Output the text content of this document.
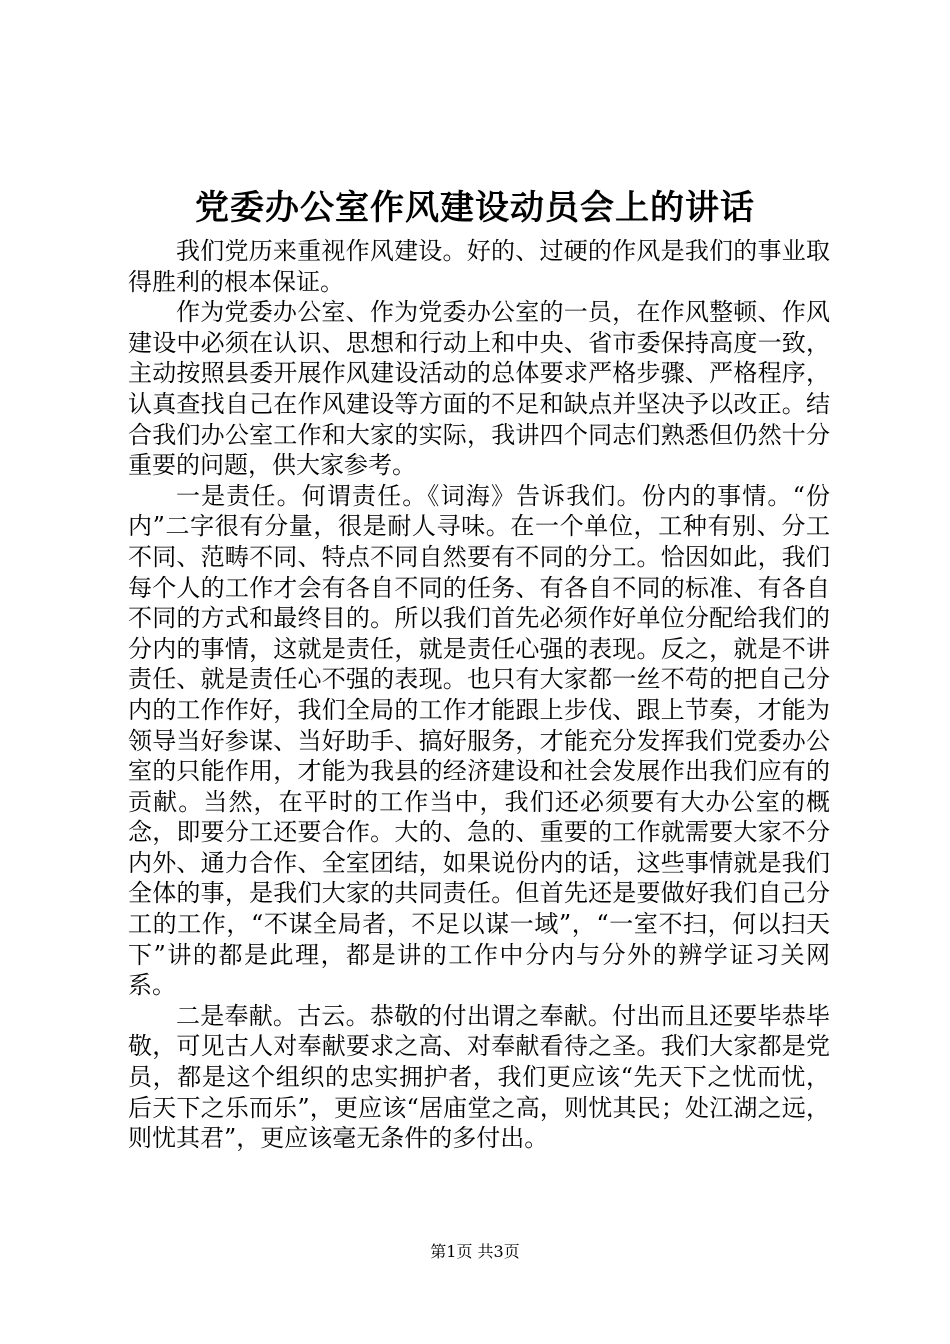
党委办公室作风建设动员会上的讲话

我们党历来重视作风建设。好的、过硬的作风是我们的事业取得胜利的根本保证。

作为党委办公室、作为党委办公室的一员，在作风整顿、作风建设中必须在认识、思想和行动上和中央、省市委保持高度一致，主动按照县委开展作风建设活动的总体要求严格步骤、严格程序，认真查找自己在作风建设等方面的不足和缺点并坚决予以改正。结合我们办公室工作和大家的实际，我讲四个同志们熟悉但仍然十分重要的问题，供大家参考。

一是责任。何谓责任。《词海》告诉我们。份内的事情。“份内”二字很有分量，很是耐人寻味。在一个单位，工种有别、分工不同、范畴不同、特点不同自然要有不同的分工。恰因如此，我们每个人的工作才会有各自不同的任务、有各自不同的标准、有各自不同的方式和最终目的。所以我们首先必须作好单位分配给我们的分内的事情，这就是责任，就是责任心强的表现。反之，就是不讲责任、就是责任心不强的表现。也只有大家都一丝不苟的把自己分内的工作作好，我们全局的工作才能跟上步伐、跟上节奏，才能为领导当好参谋、当好助手、搞好服务，才能充分发挥我们党委办公室的只能作用，才能为我县的经济建设和社会发展作出我们应有的贡献。当然，在平时的工作当中，我们还必须要有大办公室的概念，即要分工还要合作。大的、急的、重要的工作就需要大家不分内外、通力合作、全室团结，如果说份内的话，这些事情就是我们全体的事，是我们大家的共同责任。但首先还是要做好我们自己分工的工作，“不谋全局者，不足以谋一域”，“一室不扫，何以扫天下”讲的都是此理，都是讲的工作中分内与分外的辨学证习关网系。

二是奉献。古云。恭敬的付出谓之奉献。付出而且还要毕恭毕敬，可见古人对奉献要求之高、对奉献看待之圣。我们大家都是党员，都是这个组织的忠实拥护者，我们更应该“先天下之忧而忧，后天下之乐而乐”，更应该“居庙堂之高，则忧其民；处江湖之远，则忧其君”，更应该毫无条件的多付出。

第1页 共3页
